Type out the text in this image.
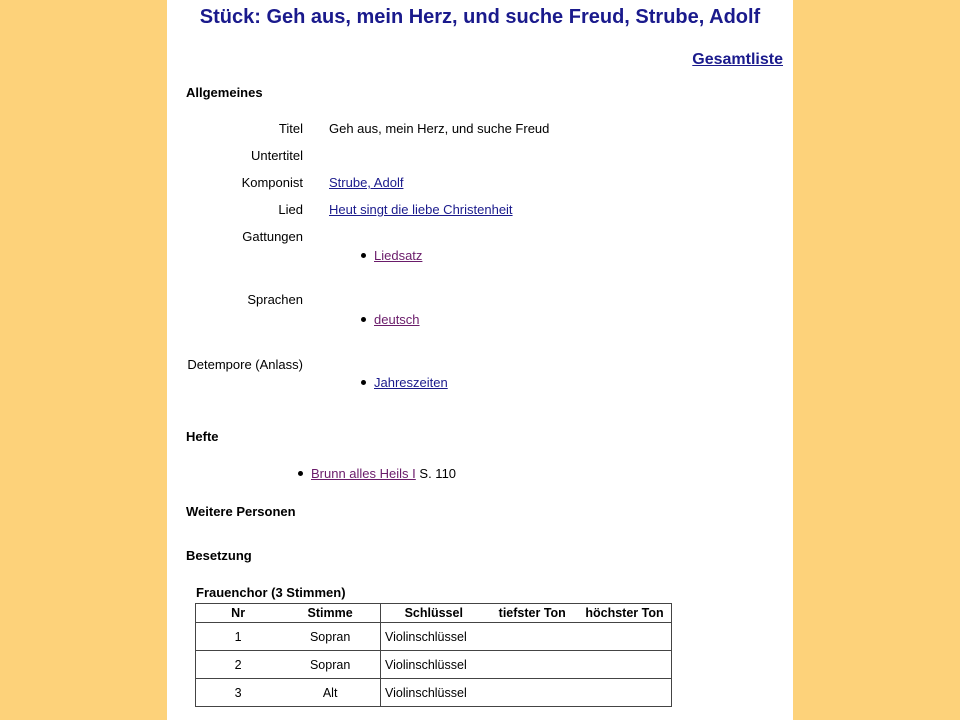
Stück: Geh aus, mein Herz, und suche Freud, Strube, Adolf
Gesamtliste
Allgemeines
Titel Geh aus, mein Herz, und suche Freud
Untertitel
Komponist Strube, Adolf
Lied Heut singt die liebe Christenheit
Gattungen
Liedsatz
Sprachen
deutsch
Detempore (Anlass)
Jahreszeiten
Hefte
Brunn alles Heils I S. 110
Weitere Personen
Besetzung
Frauenchor (3 Stimmen)
Nr	Stimme	Schlüssel	tiefster Ton	höchster Ton
1	Sopran	Violinschlüssel		
2	Sopran	Violinschlüssel		
3	Alt	Violinschlüssel		
